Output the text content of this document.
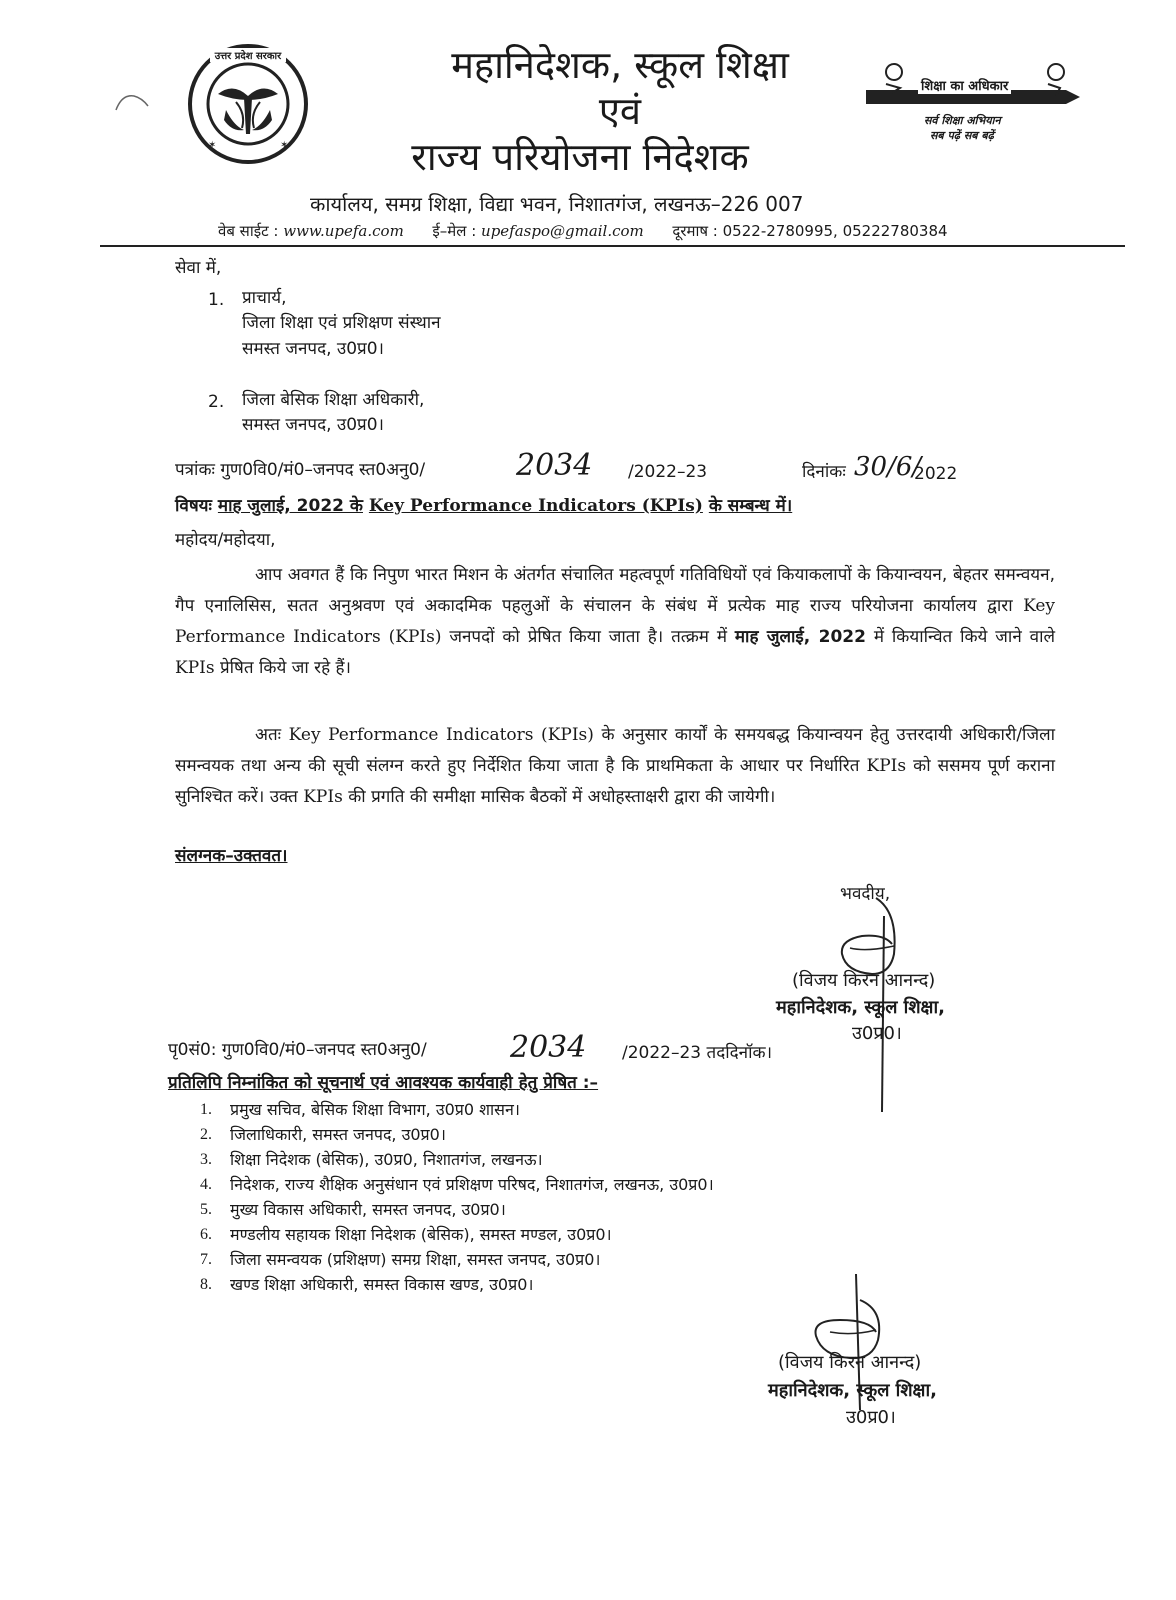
✶	✶
उत्तर प्रदेश सरकार	महानिदेशक, स्कूल शिक्षा
एवं
राज्य परियोजना निदेशक
कार्यालय, समग्र शिक्षा, विद्या भवन, निशातगंज, लखनऊ–226 007
वेब साईट : www.upefa.com ई–मेल : upefaspo@gmail.com दूरमाष : 0522-2780995, 05222780384
शिक्षा का अधिकार
सर्व शिक्षा अभियान
सब पढ़ें सब बढ़ें
सेवा में,
1. प्राचार्य,
जिला शिक्षा एवं प्रशिक्षण संस्थान
समस्त जनपद, उ0प्र0।
2. जिला बेसिक शिक्षा अधिकारी,
समस्त जनपद, उ0प्र0।
पत्रांकः गुण0वि0/मं0–जनपद स्त0अनु0/	2034 /2022–23	दिनांकः 30/6/
2022
विषयः माह जुलाई, 2022 के Key Performance Indicators (KPIs) के सम्बन्ध में।
महोदय/महोदया,

आप अवगत हैं कि निपुण भारत मिशन के अंतर्गत संचालित महत्वपूर्ण गतिविधियों एवं कियाकलापों के कियान्वयन, बेहतर समन्वयन, गैप एनालिसिस, सतत अनुश्रवण एवं अकादमिक पहलुओं के संचालन के संबंध में प्रत्येक माह राज्य परियोजना कार्यालय द्वारा Key Performance Indicators (KPIs) जनपदों को प्रेषित किया जाता है। तत्क्रम में माह जुलाई, 2022 में कियान्वित किये जाने वाले KPIs प्रेषित किये जा रहे हैं।

अतः Key Performance Indicators (KPIs) के अनुसार कार्यों के समयबद्ध कियान्वयन हेतु उत्तरदायी अधिकारी/जिला समन्वयक तथा अन्य की सूची संलग्न करते हुए निर्देशित किया जाता है कि प्राथमिकता के आधार पर निर्धारित KPIs को ससमय पूर्ण कराना सुनिश्चित करें। उक्त KPIs की प्रगति की समीक्षा मासिक बैठकों में अधोहस्ताक्षरी द्वारा की जायेगी।

संलग्नक–उक्तवत।
भवदीय,
(विजय किरन आनन्द)
महानिदेशक, स्कूल शिक्षा,
उ0प्र0।
पृ0सं0: गुण0वि0/मं0–जनपद स्त0अनु0/	2034 /2022–23 तददिनॉक।
प्रतिलिपि निम्नांकित को सूचनार्थ एवं आवश्यक कार्यवाही हेतु प्रेषित :–
1.	प्रमुख सचिव, बेसिक शिक्षा विभाग, उ0प्र0 शासन।
2.	जिलाधिकारी, समस्त जनपद, उ0प्र0।
3.	शिक्षा निदेशक (बेसिक), उ0प्र0, निशातगंज, लखनऊ।
4.	निदेशक, राज्य शैक्षिक अनुसंधान एवं प्रशिक्षण परिषद, निशातगंज, लखनऊ, उ0प्र0।
5.	मुख्य विकास अधिकारी, समस्त जनपद, उ0प्र0।
6.	मण्डलीय सहायक शिक्षा निदेशक (बेसिक), समस्त मण्डल, उ0प्र0।
7.	जिला समन्वयक (प्रशिक्षण) समग्र शिक्षा, समस्त जनपद, उ0प्र0।
8.	खण्ड शिक्षा अधिकारी, समस्त विकास खण्ड, उ0प्र0।
(विजय किरन आनन्द)
महानिदेशक, स्कूल शिक्षा,
उ0प्र0।
